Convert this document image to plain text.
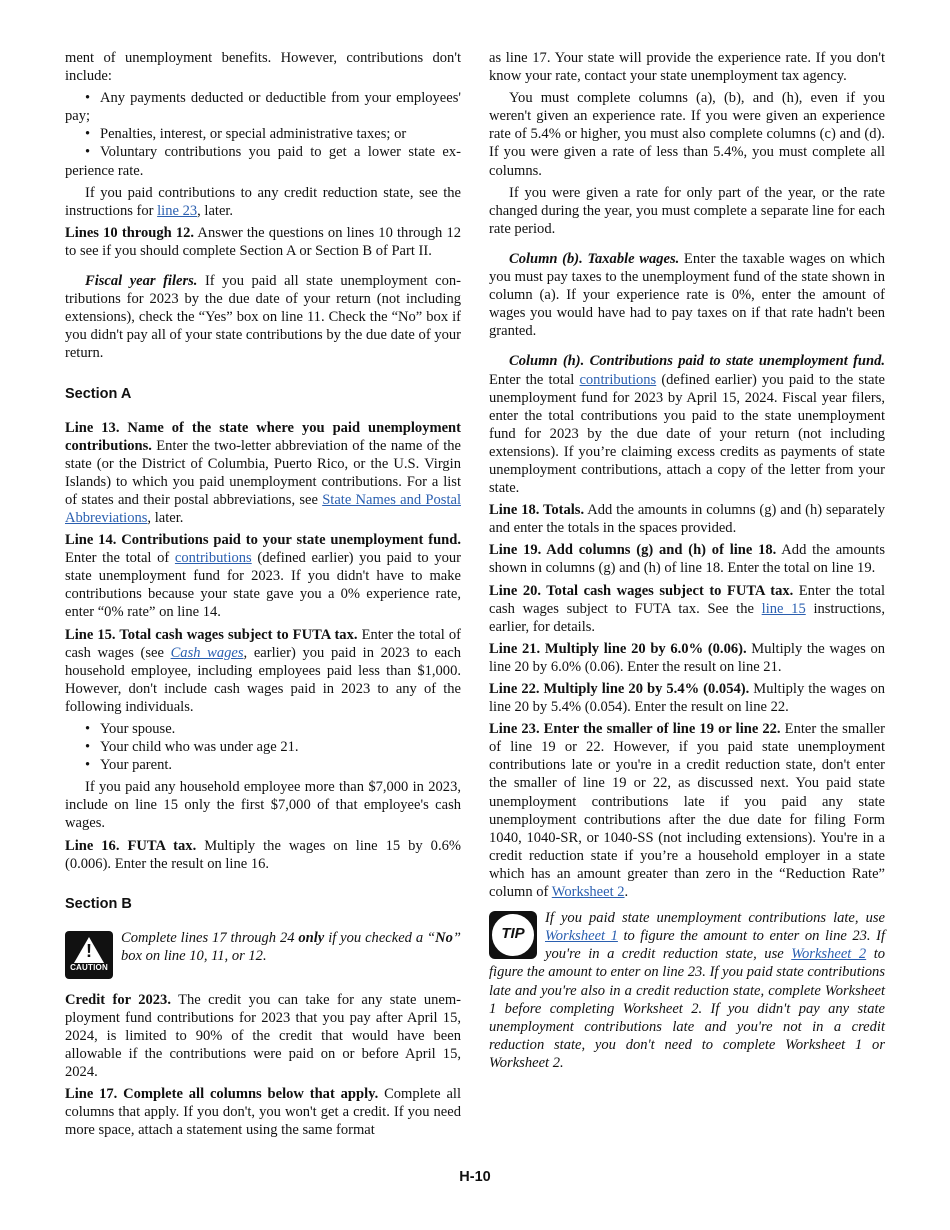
ment of unemployment benefits. However, contributions don't include:

• Any payments deducted or deductible from your employees' pay;
• Penalties, interest, or special administrative taxes; or
• Voluntary contributions you paid to get a lower state experience rate.

If you paid contributions to any credit reduction state, see the instructions for line 23, later.

Lines 10 through 12. Answer the questions on lines 10 through 12 to see if you should complete Section A or Section B of Part II.

Fiscal year filers. If you paid all state unemployment contributions for 2023 by the due date of your return (not including extensions), check the “Yes” box on line 11. Check the “No” box if you didn't pay all of your state contributions by the due date of your return.

Section A

Line 13. Name of the state where you paid unemployment contributions. Enter the two-letter abbreviation of the name of the state (or the District of Columbia, Puerto Rico, or the U.S. Virgin Islands) to which you paid unemployment contributions. For a list of states and their postal abbreviations, see State Names and Postal Abbreviations, later.

Line 14. Contributions paid to your state unemployment fund. Enter the total of contributions (defined earlier) you paid to your state unemployment fund for 2023. If you didn't have to make contributions because your state gave you a 0% experience rate, enter “0% rate” on line 14.

Line 15. Total cash wages subject to FUTA tax. Enter the total of cash wages (see Cash wages, earlier) you paid in 2023 to each household employee, including employees paid less than $1,000. However, don't include cash wages paid in 2023 to any of the following individuals.

• Your spouse.
• Your child who was under age 21.
• Your parent.

If you paid any household employee more than $7,000 in 2023, include on line 15 only the first $7,000 of that employee's cash wages.

Line 16. FUTA tax. Multiply the wages on line 15 by 0.6% (0.006). Enter the result on line 16.

Section B
!
CAUTION
Complete lines 17 through 24 only if you checked a “No” box on line 10, 11, or 12.

Credit for 2023. The credit you can take for any state unemployment fund contributions for 2023 that you pay after April 15, 2024, is limited to 90% of the credit that would have been allowable if the contributions were paid on or before April 15, 2024.

Line 17. Complete all columns below that apply. Complete all columns that apply. If you don't, you won't get a credit. If you need more space, attach a statement using the same format

as line 17. Your state will provide the experience rate. If you don't know your rate, contact your state unemployment tax agency.

You must complete columns (a), (b), and (h), even if you weren't given an experience rate. If you were given an experience rate of 5.4% or higher, you must also complete columns (c) and (d). If you were given a rate of less than 5.4%, you must complete all columns.

If you were given a rate for only part of the year, or the rate changed during the year, you must complete a separate line for each rate period.

Column (b). Taxable wages. Enter the taxable wages on which you must pay taxes to the unemployment fund of the state shown in column (a). If your experience rate is 0%, enter the amount of wages you would have had to pay taxes on if that rate hadn't been granted.

Column (h). Contributions paid to state unemployment fund. Enter the total contributions (defined earlier) you paid to the state unemployment fund for 2023 by April 15, 2024. Fiscal year filers, enter the total contributions you paid to the state unemployment fund for 2023 by the due date of your return (not including extensions). If you’re claiming excess credits as payments of state unemployment contributions, attach a copy of the letter from your state.

Line 18. Totals. Add the amounts in columns (g) and (h) separately and enter the totals in the spaces provided.

Line 19. Add columns (g) and (h) of line 18. Add the amounts shown in columns (g) and (h) of line 18. Enter the total on line 19.

Line 20. Total cash wages subject to FUTA tax. Enter the total cash wages subject to FUTA tax. See the line 15 instructions, earlier, for details.

Line 21. Multiply line 20 by 6.0% (0.06). Multiply the wages on line 20 by 6.0% (0.06). Enter the result on line 21.

Line 22. Multiply line 20 by 5.4% (0.054). Multiply the wages on line 20 by 5.4% (0.054). Enter the result on line 22.

Line 23. Enter the smaller of line 19 or line 22. Enter the smaller of line 19 or 22. However, if you paid state unemployment contributions late or you're in a credit reduction state, don't enter the smaller of line 19 or 22, as discussed next. You paid state unemployment contributions late if you paid any state unemployment contributions after the due date for filing Form 1040, 1040-SR, or 1040-SS (not including extensions). You're in a credit reduction state if you’re a household employer in a state which has an amount greater than zero in the “Reduction Rate” column of Worksheet 2.

TIP
If you paid state unemployment contributions late, use Worksheet 1 to figure the amount to enter on line 23. If you're in a credit reduction state, use Worksheet 2 to figure the amount to enter on line 23. If you paid state contributions late and you're also in a credit reduction state, complete Worksheet 1 before completing Worksheet 2. If you didn't pay any state unemployment contributions late and you're not in a credit reduction state, you don't need to complete Worksheet 1 or Worksheet 2.
H-10
